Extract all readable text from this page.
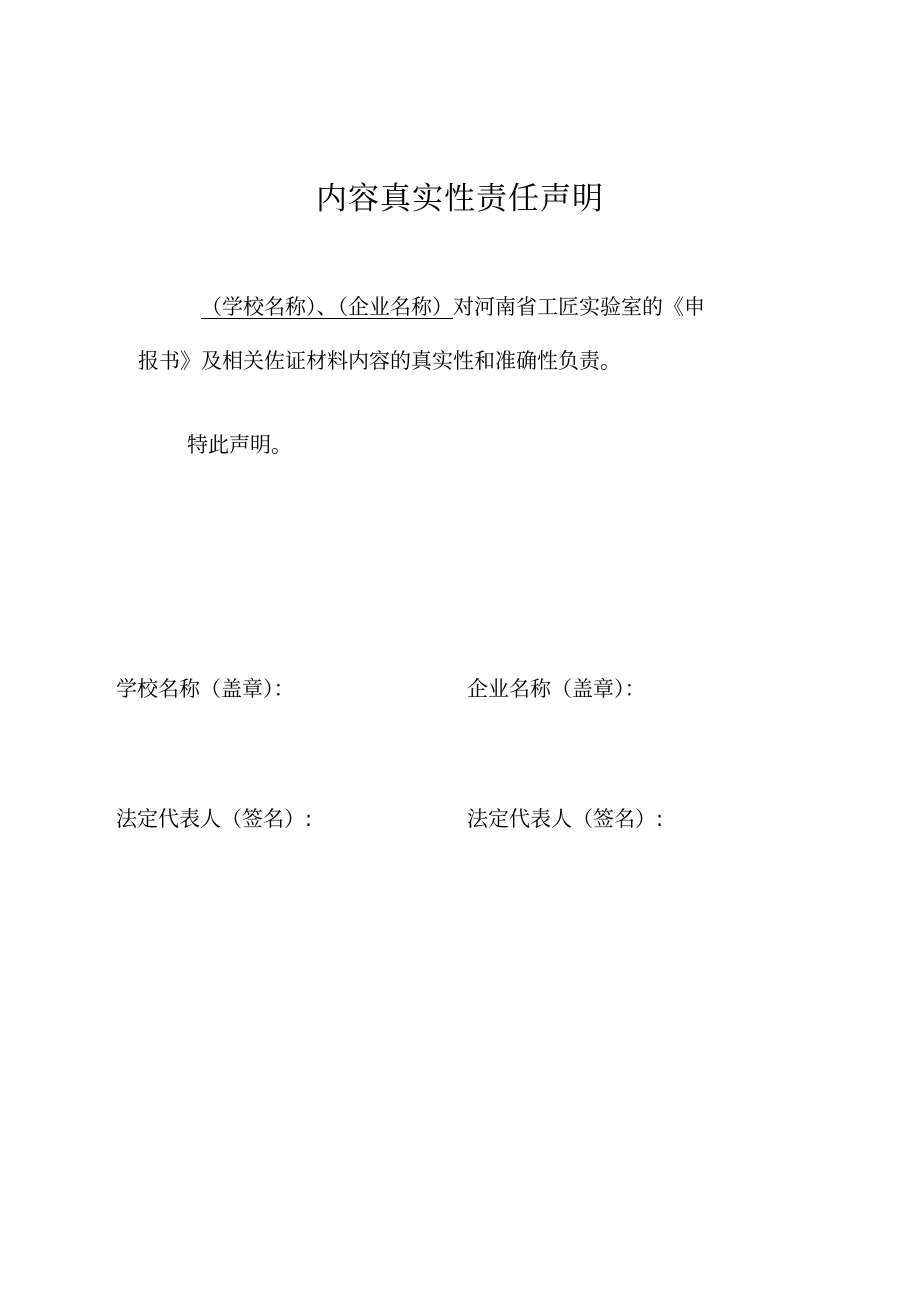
内容真实性责任声明
（学校名称）、（企业名称）对河南省工匠实验室的《申
报书》及相关佐证材料内容的真实性和准确性负责。
特此声明。
学校名称（盖章）：	企业名称（盖章）：
法定代表人（签名）:	法定代表人（签名）:
